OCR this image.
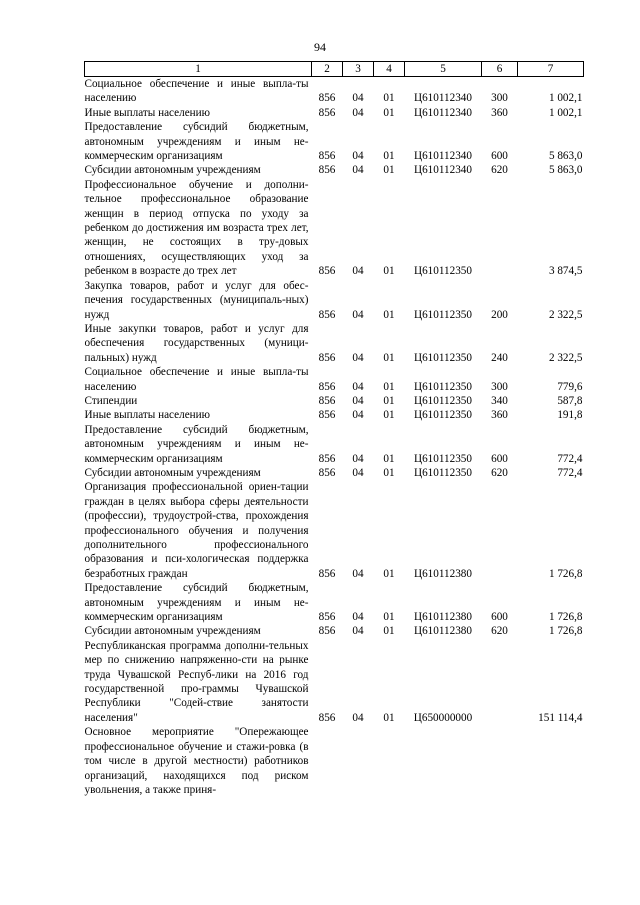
94
1	2	3	4	5	6	7
Социальное обеспечение и иные выпла-ты населению	856	04	01	Ц610112340	300	1 002,1
Иные выплаты населению	856	04	01	Ц610112340	360	1 002,1
Предоставление субсидий бюджетным, автономным учреждениям и иным не-коммерческим организациям	856	04	01	Ц610112340	600	5 863,0
Субсидии автономным учреждениям	856	04	01	Ц610112340	620	5 863,0
Профессиональное обучение и дополни-тельное профессиональное образование женщин в период отпуска по уходу за ребенком до достижения им возраста трех лет, женщин, не состоящих в тру-довых отношениях, осуществляющих уход за ребенком в возрасте до трех лет	856	04	01	Ц610112350		3 874,5
Закупка товаров, работ и услуг для обес-печения государственных (муниципаль-ных) нужд	856	04	01	Ц610112350	200	2 322,5
Иные закупки товаров, работ и услуг для обеспечения государственных (муници-пальных) нужд	856	04	01	Ц610112350	240	2 322,5
Социальное обеспечение и иные выпла-ты населению	856	04	01	Ц610112350	300	779,6
Стипендии	856	04	01	Ц610112350	340	587,8
Иные выплаты населению	856	04	01	Ц610112350	360	191,8
Предоставление субсидий бюджетным, автономным учреждениям и иным не-коммерческим организациям	856	04	01	Ц610112350	600	772,4
Субсидии автономным учреждениям	856	04	01	Ц610112350	620	772,4
Организация профессиональной ориен-тации граждан в целях выбора сферы деятельности (профессии), трудоустрой-ства, прохождения профессионального обучения и получения дополнительного профессионального образования и пси-хологическая поддержка безработных граждан	856	04	01	Ц610112380		1 726,8
Предоставление субсидий бюджетным, автономным учреждениям и иным не-коммерческим организациям	856	04	01	Ц610112380	600	1 726,8
Субсидии автономным учреждениям	856	04	01	Ц610112380	620	1 726,8
Республиканская программа дополни-тельных мер по снижению напряженно-сти на рынке труда Чувашской Респуб-лики на 2016 год государственной про-граммы Чувашской Республики "Содей-ствие занятости населения"	856	04	01	Ц650000000		151 114,4
Основное мероприятие "Опережающее профессиональное обучение и стажи-ровка (в том числе в другой местности) работников организаций, находящихся под риском увольнения, а также приня-						
